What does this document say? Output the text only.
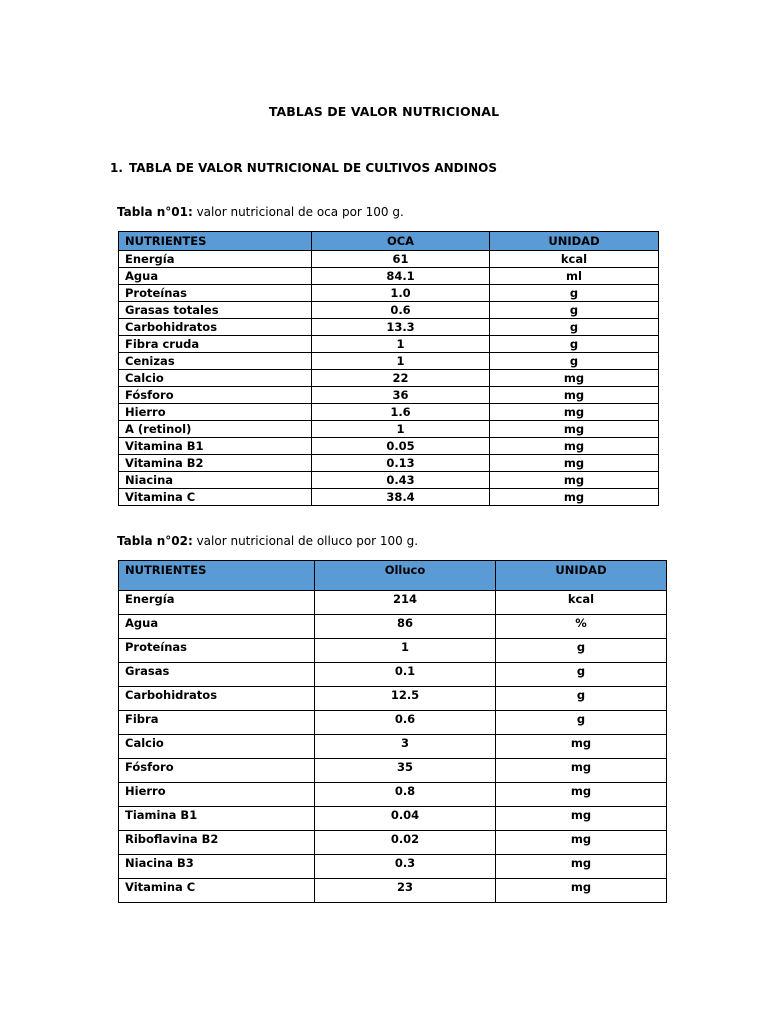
TABLAS DE VALOR NUTRICIONAL
1. TABLA DE VALOR NUTRICIONAL DE CULTIVOS ANDINOS
Tabla n°01: valor nutricional de oca por 100 g.
NUTRIENTES	OCA	UNIDAD
Energía	61	kcal
Agua	84.1	ml
Proteínas	1.0	g
Grasas totales	0.6	g
Carbohidratos	13.3	g
Fibra cruda	1	g
Cenizas	1	g
Calcio	22	mg
Fósforo	36	mg
Hierro	1.6	mg
A (retinol)	1	mg
Vitamina B1	0.05	mg
Vitamina B2	0.13	mg
Niacina	0.43	mg
Vitamina C	38.4	mg
Tabla n°02: valor nutricional de olluco por 100 g.
NUTRIENTES	Olluco	UNIDAD
Energía	214	kcal
Agua	86	%
Proteínas	1	g
Grasas	0.1	g
Carbohidratos	12.5	g
Fibra	0.6	g
Calcio	3	mg
Fósforo	35	mg
Hierro	0.8	mg
Tiamina B1	0.04	mg
Riboflavina B2	0.02	mg
Niacina B3	0.3	mg
Vitamina C	23	mg
